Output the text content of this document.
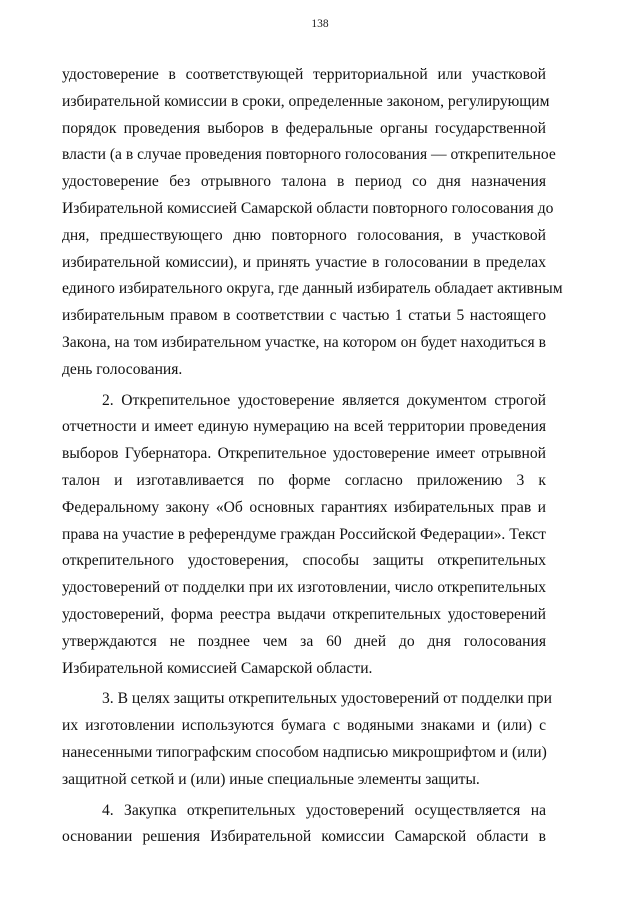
138
удостоверение в соответствующей территориальной или участковой
избирательной комиссии в сроки, определенные законом, регулирующим
порядок проведения выборов в федеральные органы государственной
власти (а в случае проведения повторного голосования — открепительное
удостоверение без отрывного талона в период со дня назначения
Избирательной комиссией Самарской области повторного голосования до
дня, предшествующего дню повторного голосования, в участковой
избирательной комиссии), и принять участие в голосовании в пределах
единого избирательного округа, где данный избиратель обладает активным
избирательным правом в соответствии с частью 1 статьи 5 настоящего
Закона, на том избирательном участке, на котором он будет находиться в
день голосования.
2. Открепительное удостоверение является документом строгой
отчетности и имеет единую нумерацию на всей территории проведения
выборов Губернатора. Открепительное удостоверение имеет отрывной
талон и изготавливается по форме согласно приложению 3 к
Федеральному закону «Об основных гарантиях избирательных прав и
права на участие в референдуме граждан Российской Федерации». Текст
открепительного удостоверения, способы защиты открепительных
удостоверений от подделки при их изготовлении, число открепительных
удостоверений, форма реестра выдачи открепительных удостоверений
утверждаются не позднее чем за 60 дней до дня голосования
Избирательной комиссией Самарской области.
3. В целях защиты открепительных удостоверений от подделки при
их изготовлении используются бумага с водяными знаками и (или) с
нанесенными типографским способом надписью микрошрифтом и (или)
защитной сеткой и (или) иные специальные элементы защиты.
4. Закупка открепительных удостоверений осуществляется на
основании решения Избирательной комиссии Самарской области в
